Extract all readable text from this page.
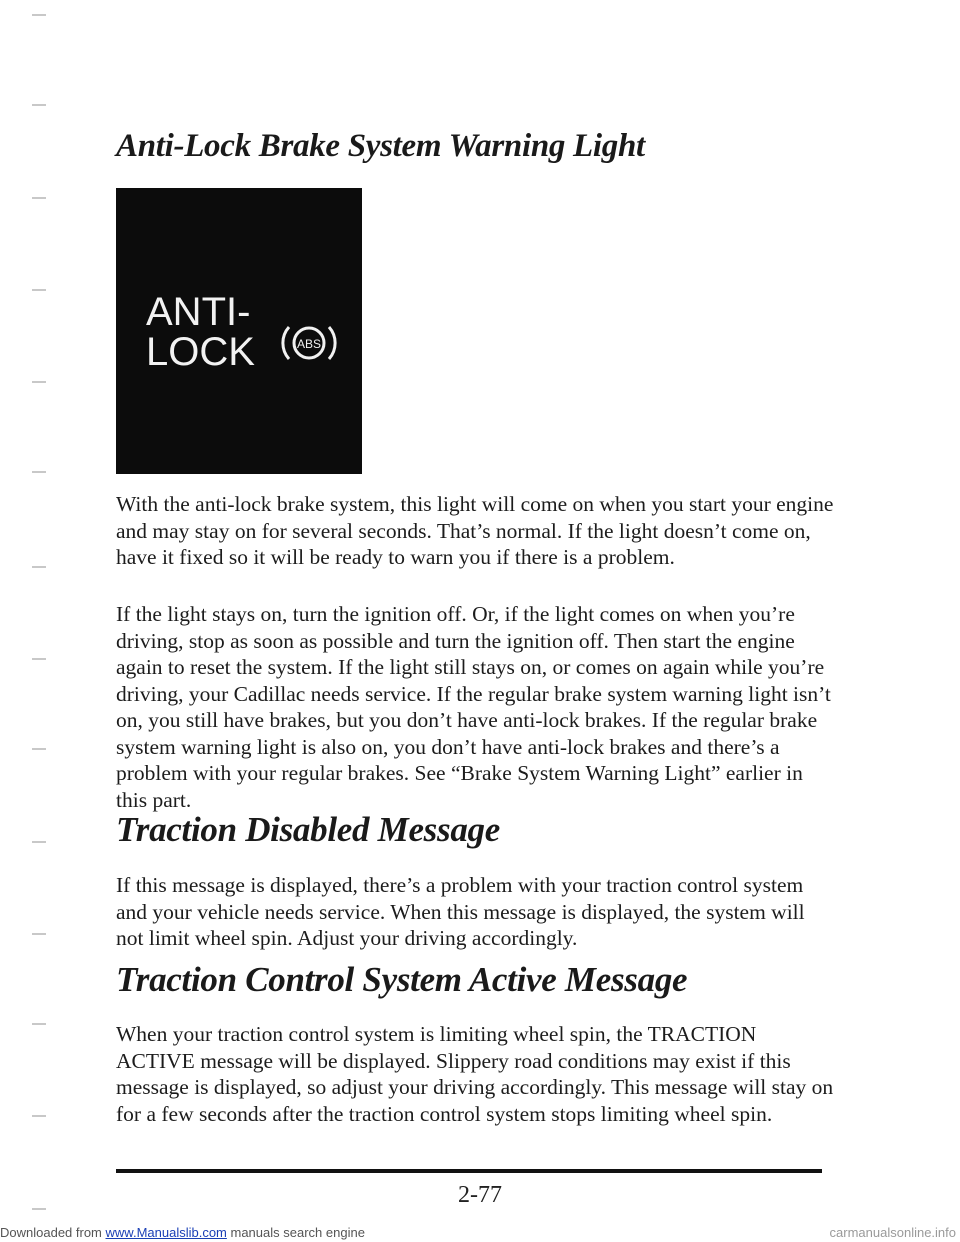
Anti-Lock Brake System Warning Light
ANTI-
LOCK	ABS

With the anti-lock brake system, this light will come on when you start your engine and may stay on for several seconds. That’s normal. If the light doesn’t come on, have it fixed so it will be ready to warn you if there is a problem.

If the light stays on, turn the ignition off. Or, if the light comes on when you’re driving, stop as soon as possible and turn the ignition off. Then start the engine again to reset the system. If the light still stays on, or comes on again while you’re driving, your Cadillac needs service. If the regular brake system warning light isn’t on, you still have brakes, but you don’t have anti-lock brakes. If the regular brake system warning light is also on, you don’t have anti-lock brakes and there’s a problem with your regular brakes. See “Brake System Warning Light” earlier in this part.

Traction Disabled Message

If this message is displayed, there’s a problem with your traction control system and your vehicle needs service. When this message is displayed, the system will not limit wheel spin. Adjust your driving accordingly.

Traction Control System Active Message

When your traction control system is limiting wheel spin, the TRACTION ACTIVE message will be displayed. Slippery road conditions may exist if this message is displayed, so adjust your driving accordingly. This message will stay on for a few seconds after the traction control system stops limiting wheel spin.

2-77
Downloaded from www.Manualslib.com manuals search engine	carmanualsonline.info
